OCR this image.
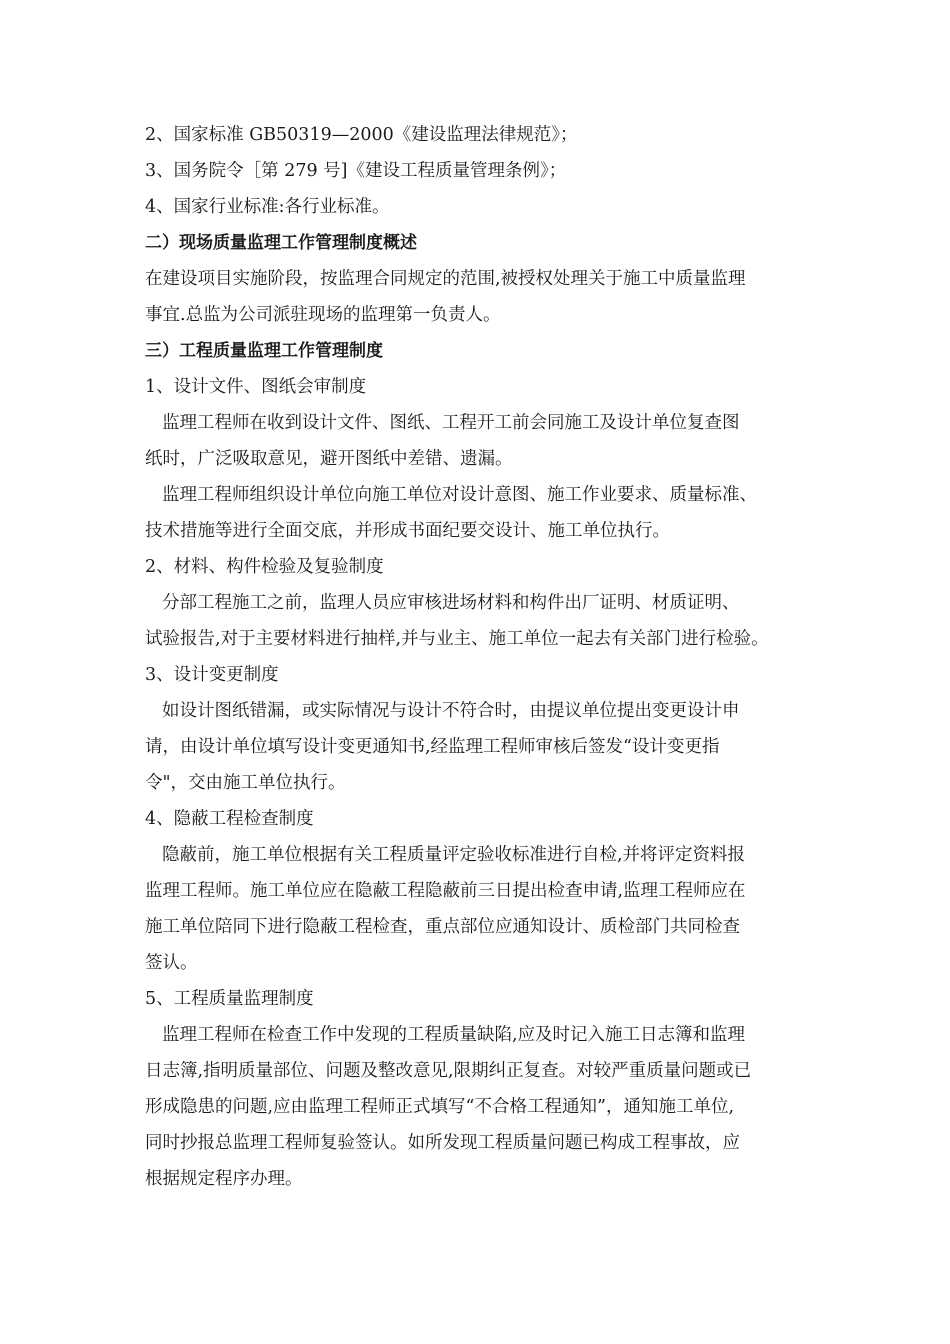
2、国家标准 GB50319—2000《建设监理法律规范》；
3、国务院令［第 279 号]《建设工程质量管理条例》；
4、国家行业标准:各行业标准。
二）现场质量监理工作管理制度概述
在建设项目实施阶段，按监理合同规定的范围,被授权处理关于施工中质量监理
事宜.总监为公司派驻现场的监理第一负责人。
三）工程质量监理工作管理制度
1、设计文件、图纸会审制度
监理工程师在收到设计文件、图纸、工程开工前会同施工及设计单位复查图
纸时，广泛吸取意见，避开图纸中差错、遗漏。
监理工程师组织设计单位向施工单位对设计意图、施工作业要求、质量标准、
技术措施等进行全面交底，并形成书面纪要交设计、施工单位执行。
2、材料、构件检验及复验制度
分部工程施工之前，监理人员应审核进场材料和构件出厂证明、材质证明、
试验报告,对于主要材料进行抽样,并与业主、施工单位一起去有关部门进行检验。
3、设计变更制度
如设计图纸错漏，或实际情况与设计不符合时，由提议单位提出变更设计申
请，由设计单位填写设计变更通知书,经监理工程师审核后签发“设计变更指
令"，交由施工单位执行。
4、隐蔽工程检查制度
隐蔽前，施工单位根据有关工程质量评定验收标准进行自检,并将评定资料报
监理工程师。施工单位应在隐蔽工程隐蔽前三日提出检查申请,监理工程师应在
施工单位陪同下进行隐蔽工程检查，重点部位应通知设计、质检部门共同检查
签认。
5、工程质量监理制度
监理工程师在检查工作中发现的工程质量缺陷,应及时记入施工日志簿和监理
日志簿,指明质量部位、问题及整改意见,限期纠正复查。对较严重质量问题或已
形成隐患的问题,应由监理工程师正式填写“不合格工程通知”，通知施工单位,
同时抄报总监理工程师复验签认。如所发现工程质量问题已构成工程事故，应
根据规定程序办理。
